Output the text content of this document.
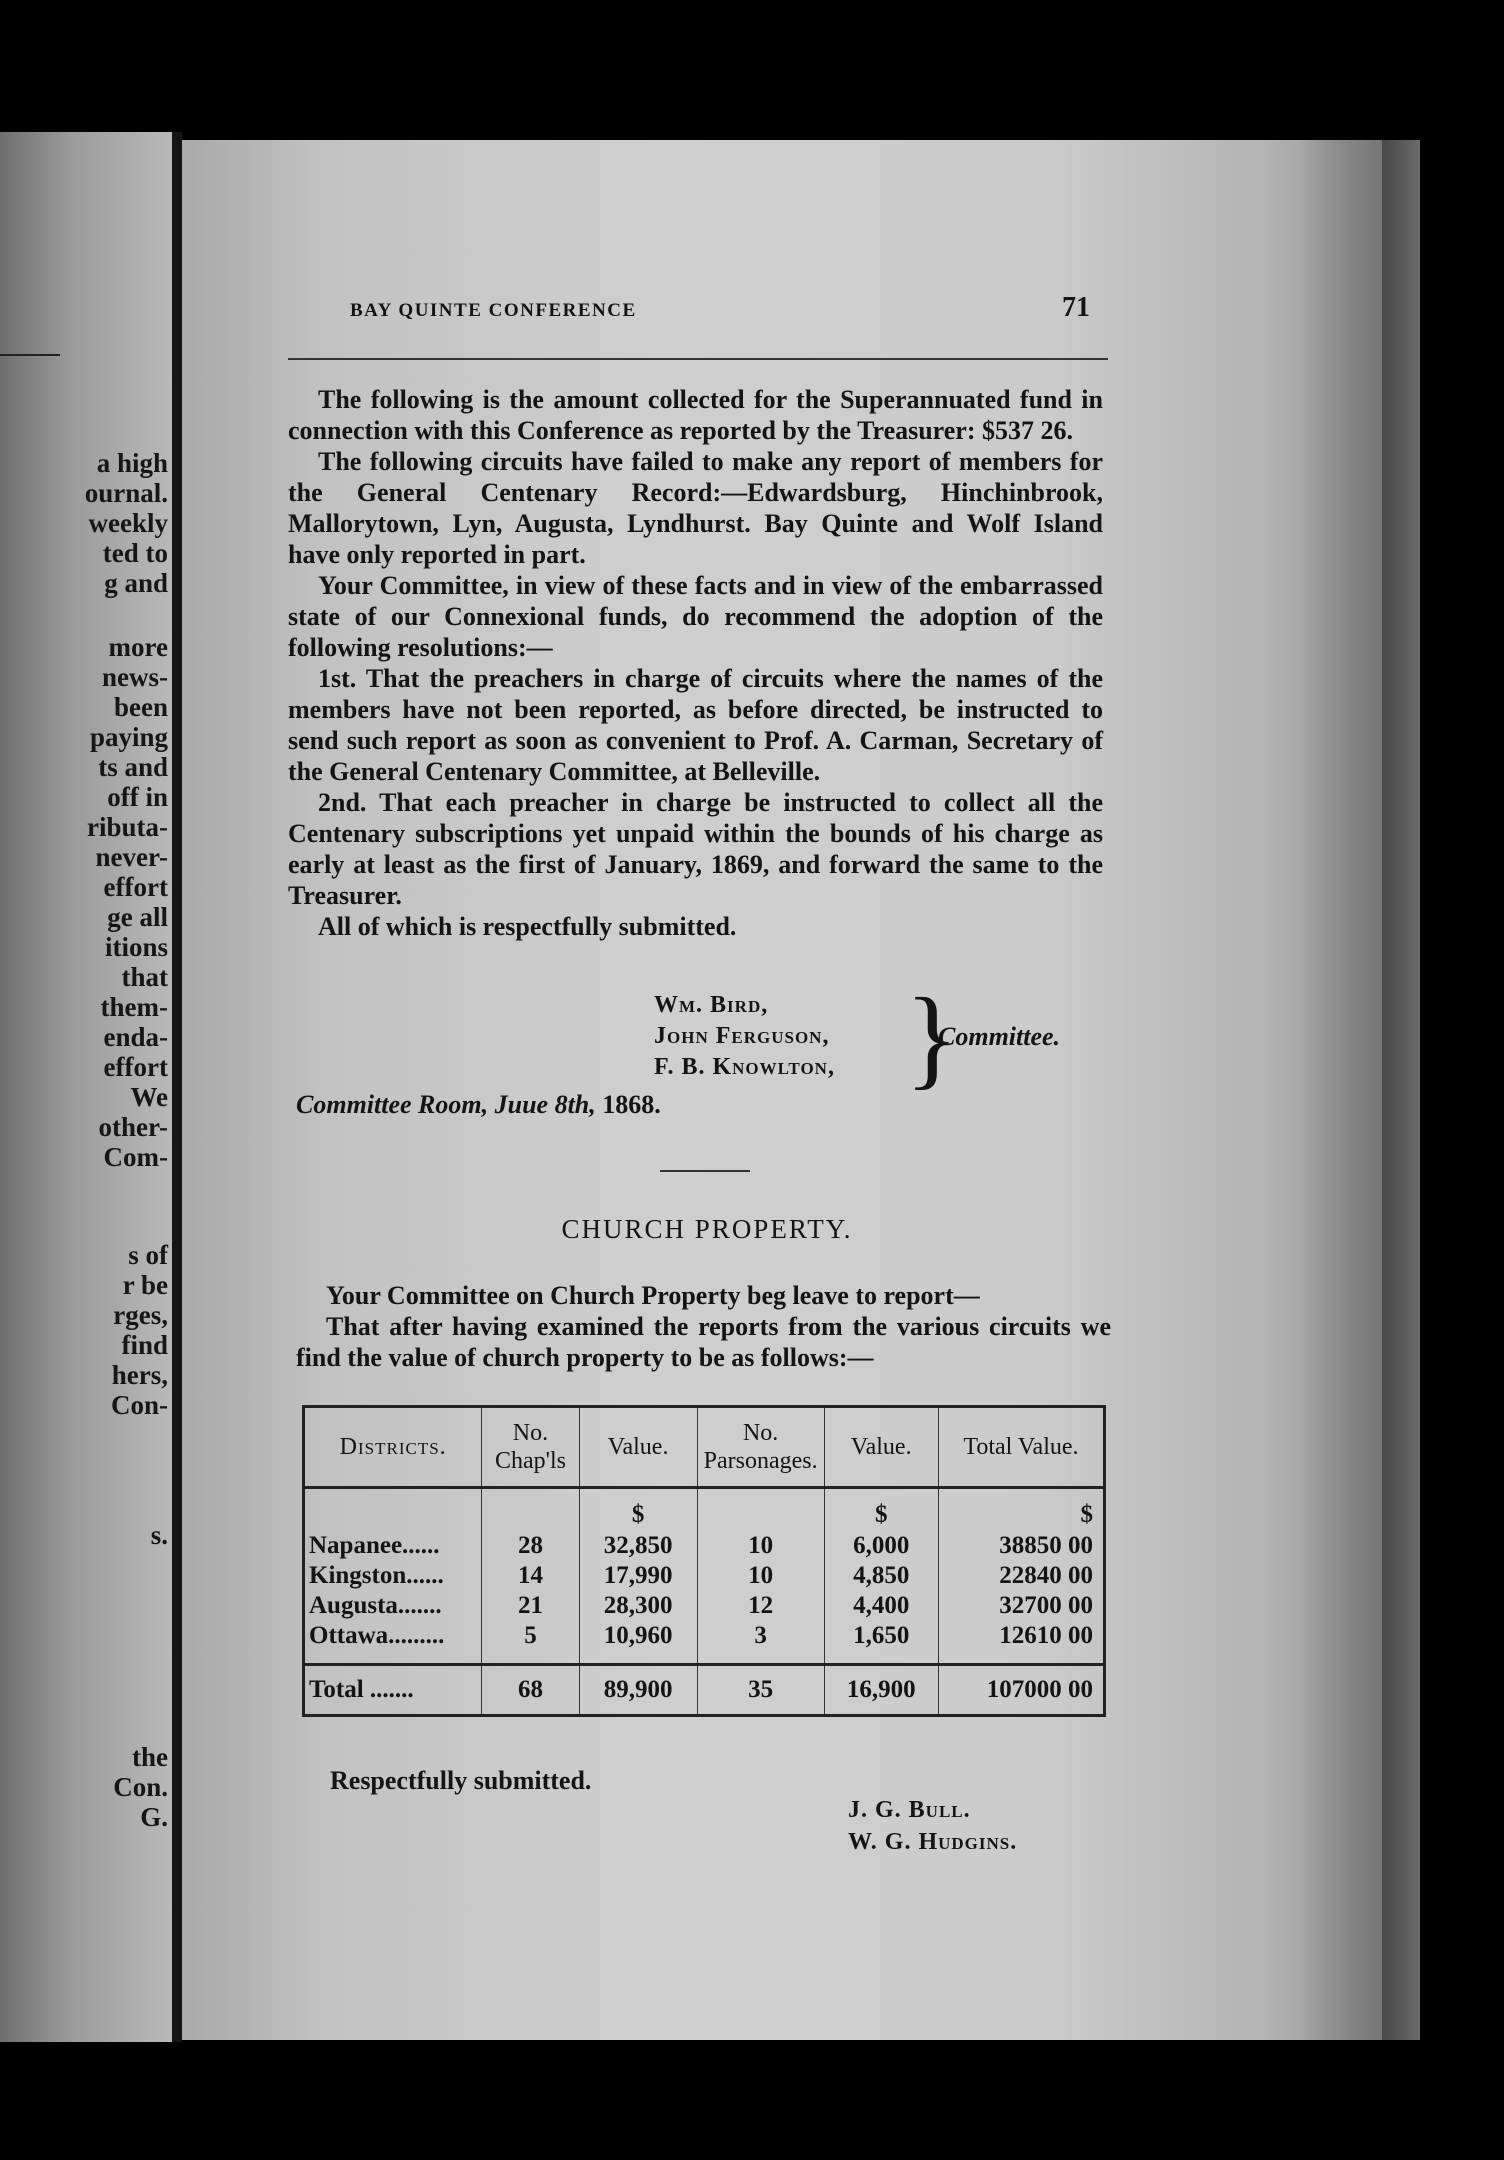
a high
ournal.
weekly
ted to
g and
more
news-
been
paying
ts and
off in
ributa-
never-
effort
ge all
itions
that
them-
enda-
effort
We
other-
Com-
s of
r be
rges,
find
hers,
Con-
s.
the
Con.
G.
BAY QUINTE CONFERENCE	71

The following is the amount collected for the Superannuated fund in connection with this Conference as reported by the Treasurer: $537 26.

The following circuits have failed to make any report of members for the General Centenary Record:—Edwardsburg, Hinchinbrook, Mallorytown, Lyn, Augusta, Lyndhurst. Bay Quinte and Wolf Island have only reported in part.

Your Committee, in view of these facts and in view of the embarrassed state of our Connexional funds, do recommend the adoption of the following resolutions:—

1st. That the preachers in charge of circuits where the names of the members have not been reported, as before directed, be instructed to send such report as soon as convenient to Prof. A. Carman, Secretary of the General Centenary Committee, at Belleville.

2nd. That each preacher in charge be instructed to collect all the Centenary subscriptions yet unpaid within the bounds of his charge as early at least as the first of January, 1869, and forward the same to the Treasurer.

All of which is respectfully submitted.

Wm. Bird,
John Ferguson,
F. B. Knowlton, }
Committee.
Committee Room, Juue 8th, 1868.
CHURCH PROPERTY.

Your Committee on Church Property beg leave to report—

That after having examined the reports from the various circuits we find the value of church property to be as follows:—

Districts.	No. Chap'ls	Value.	No. Parsonages.	Value.	Total Value.
		$		$	$
Napanee......	28	32,850	10	6,000	38850 00
Kingston......	14	17,990	10	4,850	22840 00
Augusta.......	21	28,300	12	4,400	32700 00
Ottawa.........	5	10,960	3	1,650	12610 00
Total .......	68	89,900	35	16,900	107000 00
Respectfully submitted.
J. G. Bull.
W. G. Hudgins.
